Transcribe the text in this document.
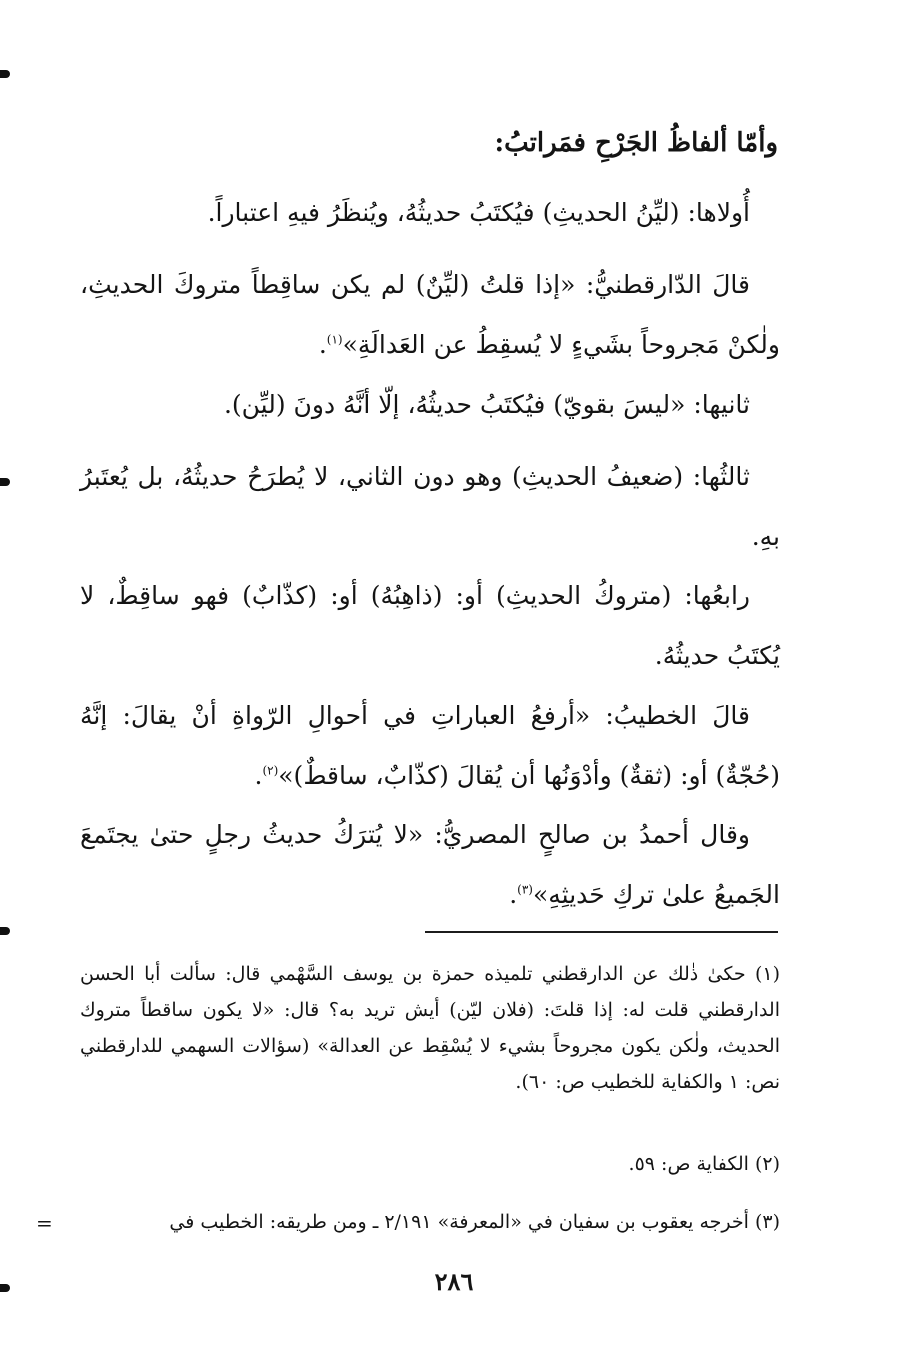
وأمّا ألفاظُ الجَرْحِ فمَراتبُ:

أُولاها: (ليِّنُ الحديثِ) فيُكتَبُ حديثُهُ، ويُنظَرُ فيهِ اعتباراً.

قالَ الدّارقطنيُّ: «إذا قلتُ (ليِّنٌ) لم يكن ساقِطاً متروكَ الحديثِ، ولٰكنْ مَجروحاً بشَيءٍ لا يُسقِطُ عن العَدالَةِ»$^{(١)}$.

ثانيها: «ليسَ بقويّ) فيُكتَبُ حديثُهُ، إلّا أنَّهُ دونَ (ليِّن).

ثالثُها: (ضعيفُ الحديثِ) وهو دون الثاني، لا يُطرَحُ حديثُهُ، بل يُعتَبرُ بهِ.

رابعُها: (متروكُ الحديثِ) أو: (ذاهِبُهُ) أو: (كذّابٌ) فهو ساقِطٌ، لا يُكتَبُ حديثُهُ.

قالَ الخطيبُ: «أرفعُ العباراتِ في أحوالِ الرّواةِ أنْ يقالَ: إنَّهُ (حُجّةٌ) أو: (ثقةٌ) وأدْوَنُها أن يُقالَ (كذّابٌ، ساقطٌ)»$^{(٢)}$.

وقال أحمدُ بن صالحٍ المصريُّ: «لا يُترَكُ حديثُ رجلٍ حتىٰ يجتَمعَ الجَميعُ علىٰ تركِ حَديثِهِ»$^{(٣)}$.

(١) حكىٰ ذٰلك عن الدارقطني تلميذه حمزة بن يوسف السَّهْمي قال: سألت أبا الحسن الدارقطني قلت له: إذا قلتَ: (فلان ليّن) أيش تريد به؟ قال: «لا يكون ساقطاً متروك الحديث، ولٰكن يكون مجروحاً بشيء لا يُسْقِط عن العدالة» (سؤالات السهمي للدارقطني نص: ١ والكفاية للخطيب ص: ٦٠).

(٢) الكفاية ص: ٥٩.

(٣) أخرجه يعقوب بن سفيان في «المعرفة» ٢/١٩١ ـ ومن طريقه: الخطيب في

=
٢٨٦
